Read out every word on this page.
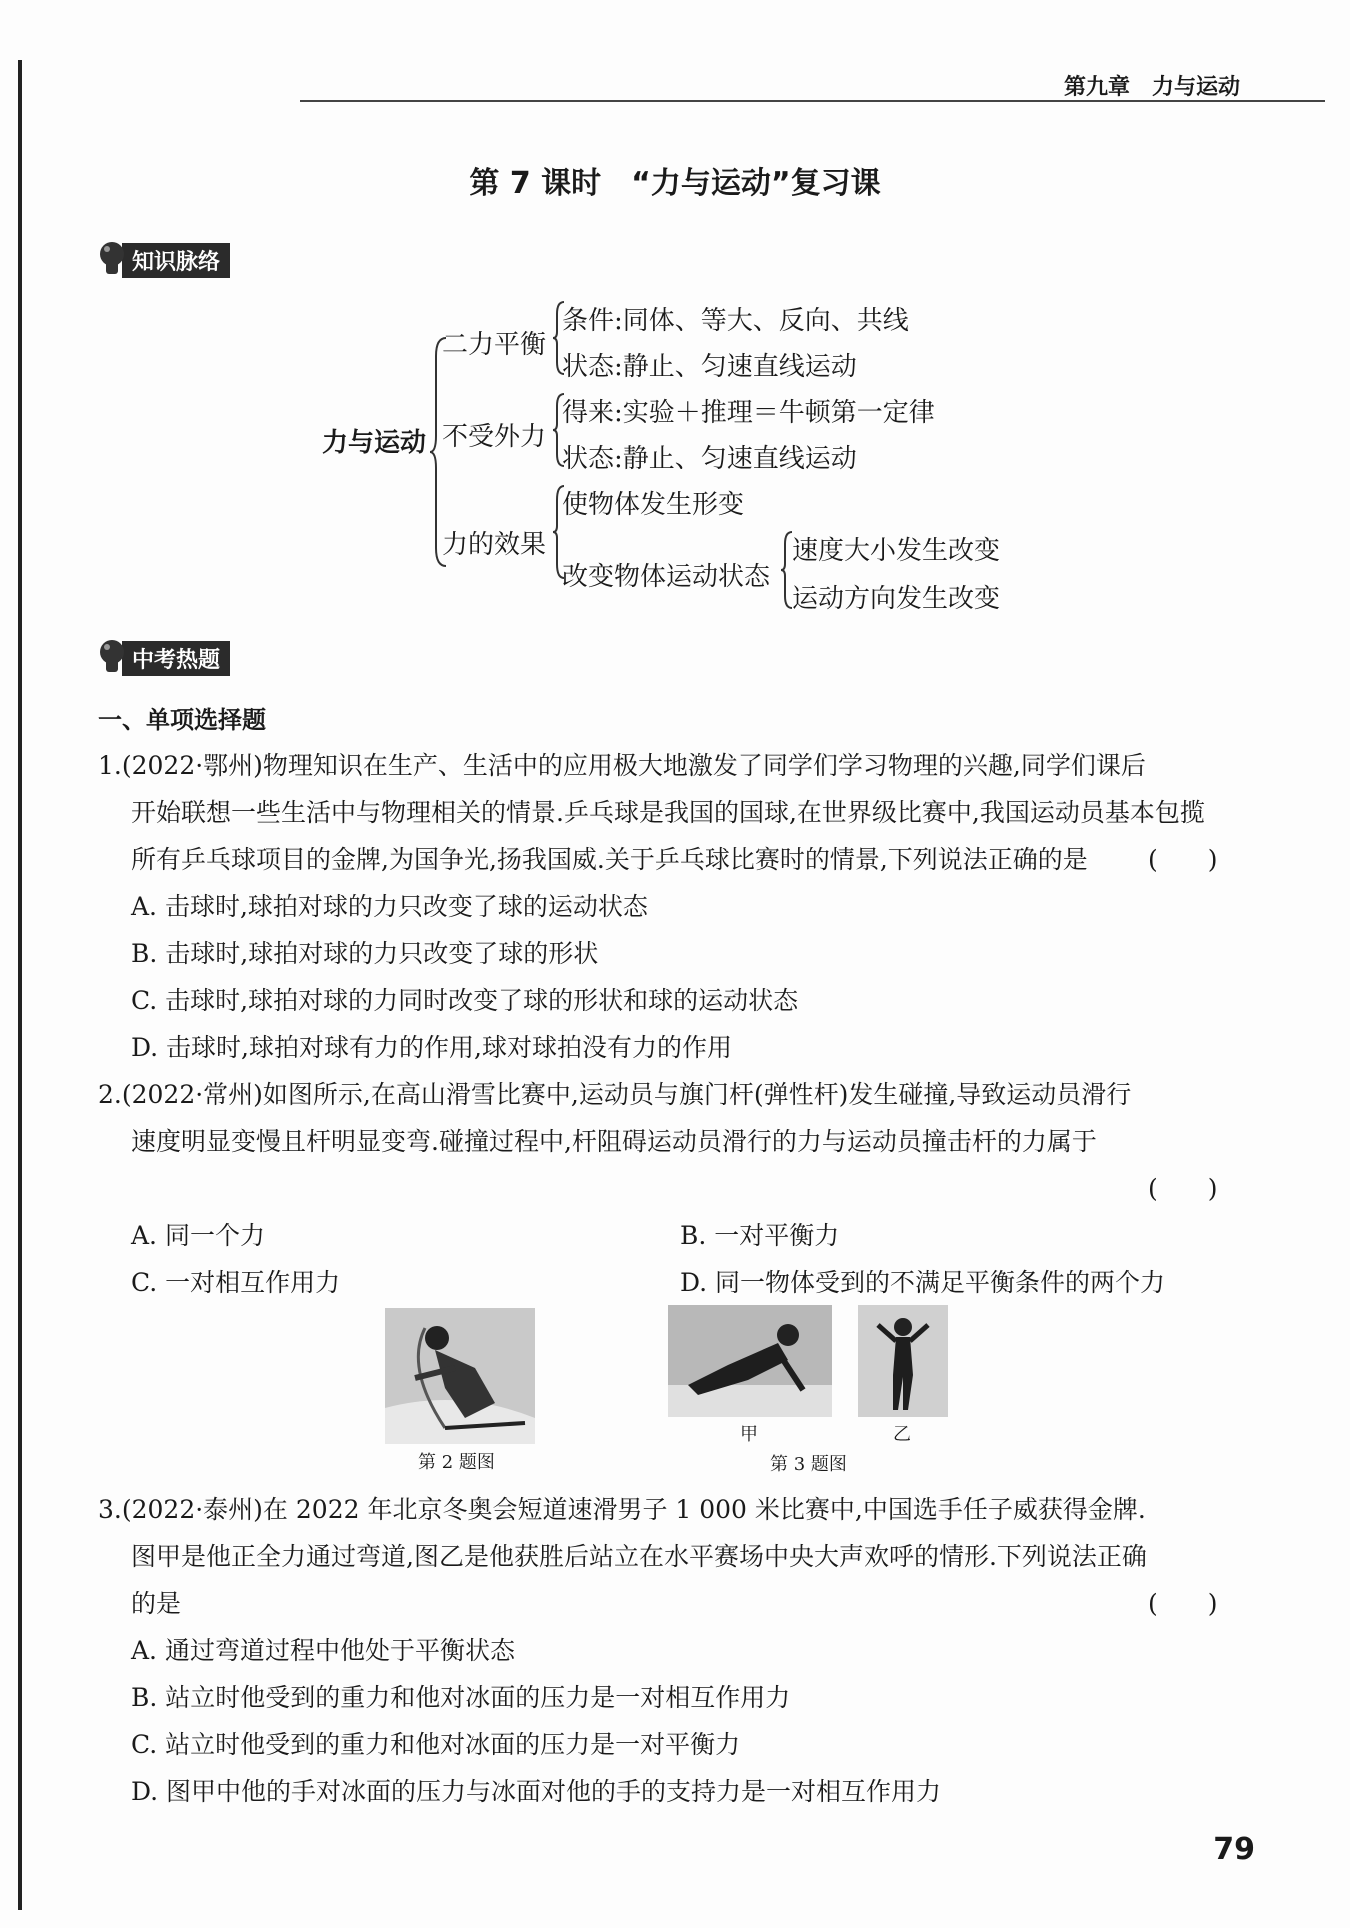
第九章　力与运动
第 7 课时　“力与运动”复习课
知识脉络
力与运动
二力平衡
条件:同体、等大、反向、共线
状态:静止、匀速直线运动
不受外力
得来:实验＋推理＝牛顿第一定律
状态:静止、匀速直线运动
力的效果
使物体发生形变
改变物体运动状态
速度大小发生改变
运动方向发生改变
中考热题
一、单项选择题
1.(2022·鄂州)物理知识在生产、生活中的应用极大地激发了同学们学习物理的兴趣,同学们课后
开始联想一些生活中与物理相关的情景.乒乓球是我国的国球,在世界级比赛中,我国运动员基本包揽
所有乒乓球项目的金牌,为国争光,扬我国威.关于乒乓球比赛时的情景,下列说法正确的是 (　　)
A. 击球时,球拍对球的力只改变了球的运动状态
B. 击球时,球拍对球的力只改变了球的形状
C. 击球时,球拍对球的力同时改变了球的形状和球的运动状态
D. 击球时,球拍对球有力的作用,球对球拍没有力的作用
2.(2022·常州)如图所示,在高山滑雪比赛中,运动员与旗门杆(弹性杆)发生碰撞,导致运动员滑行
速度明显变慢且杆明显变弯.碰撞过程中,杆阻碍运动员滑行的力与运动员撞击杆的力属于
(　　)
A. 同一个力	B. 一对平衡力
C. 一对相互作用力	D. 同一物体受到的不满足平衡条件的两个力
第 2 题图
甲	乙
第 3 题图
3.(2022·泰州)在 2022 年北京冬奥会短道速滑男子 1 000 米比赛中,中国选手任子威获得金牌.
图甲是他正全力通过弯道,图乙是他获胜后站立在水平赛场中央大声欢呼的情形.下列说法正确
的是	(　　)
A. 通过弯道过程中他处于平衡状态
B. 站立时他受到的重力和他对冰面的压力是一对相互作用力
C. 站立时他受到的重力和他对冰面的压力是一对平衡力
D. 图甲中他的手对冰面的压力与冰面对他的手的支持力是一对相互作用力
79
